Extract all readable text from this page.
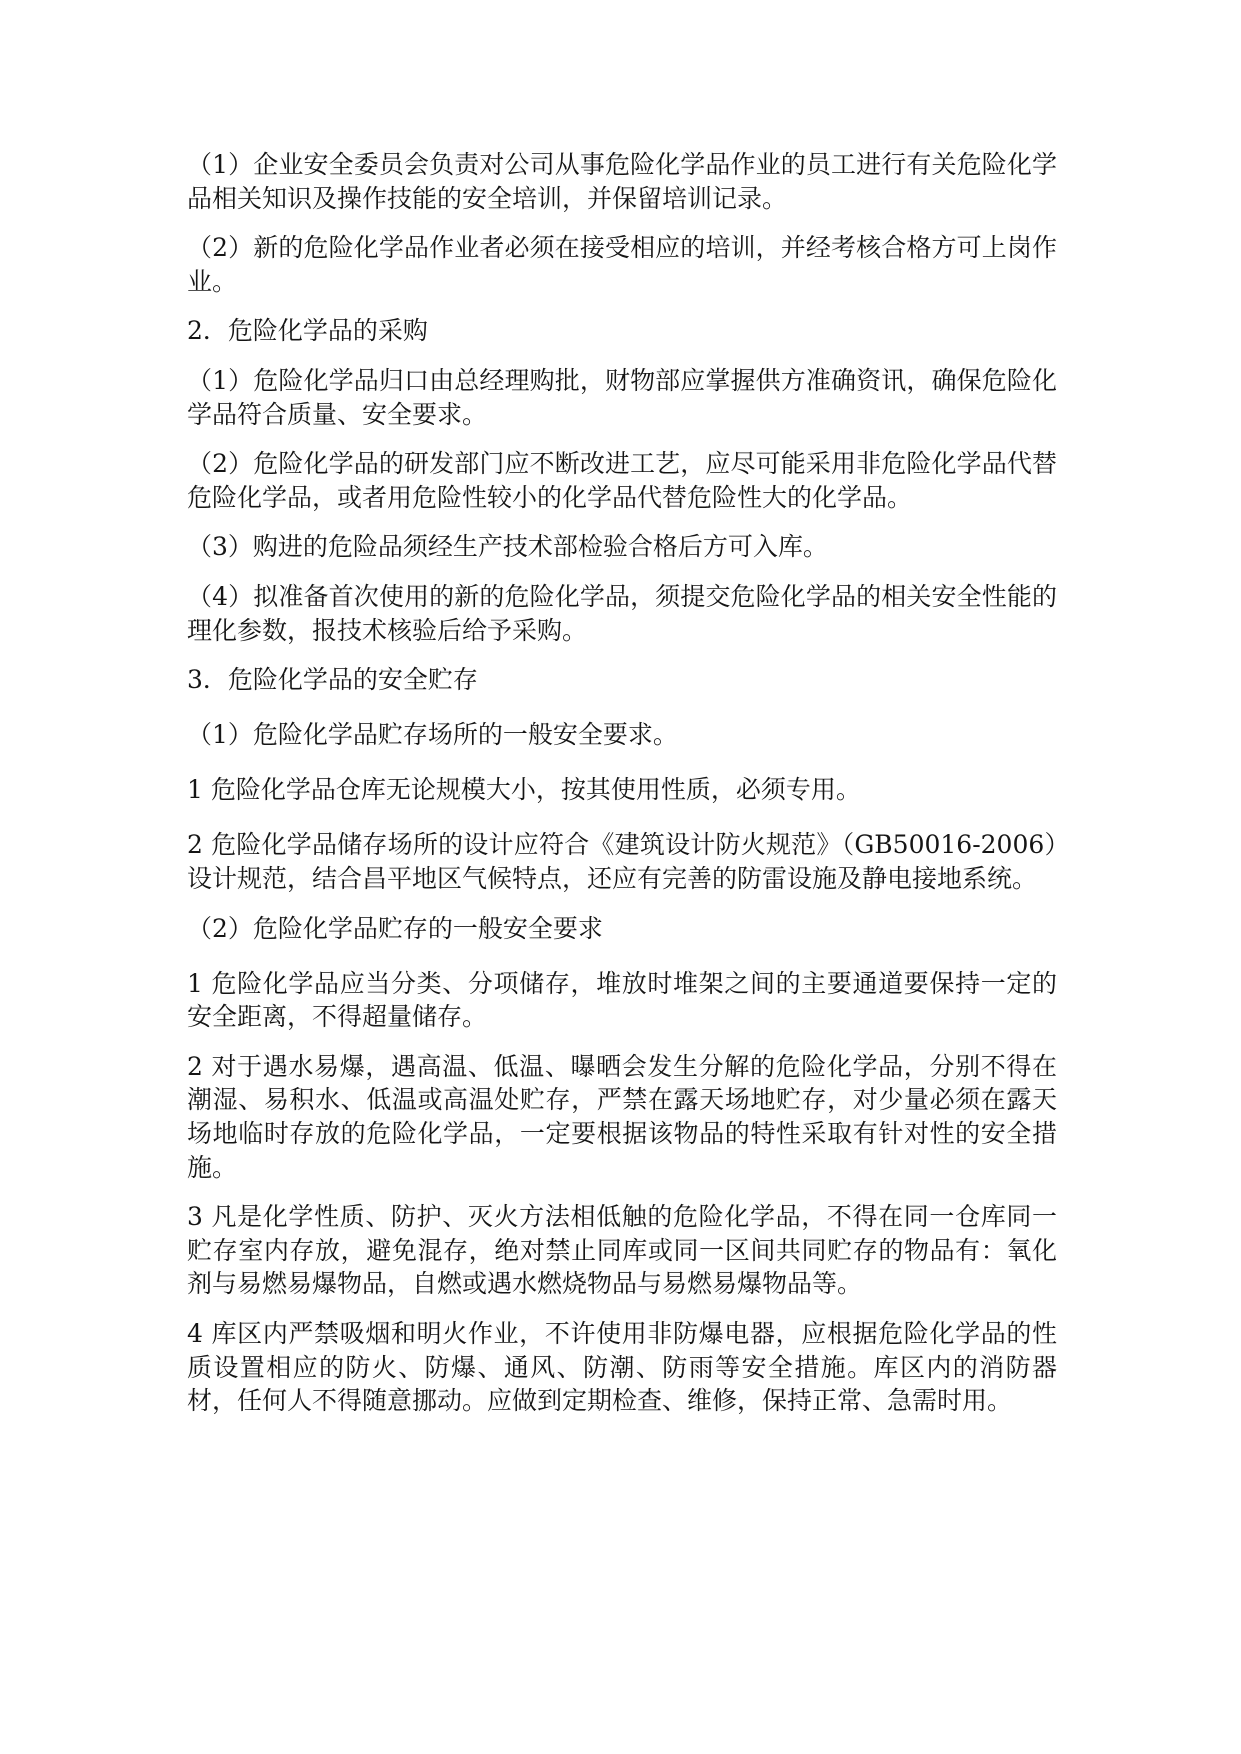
（1）企业安全委员会负责对公司从事危险化学品作业的员工进行有关危险化学品相关知识及操作技能的安全培训，并保留培训记录。

（2）新的危险化学品作业者必须在接受相应的培训，并经考核合格方可上岗作业。

2．危险化学品的采购

（1）危险化学品归口由总经理购批，财物部应掌握供方准确资讯，确保危险化学品符合质量、安全要求。

（2）危险化学品的研发部门应不断改进工艺，应尽可能采用非危险化学品代替危险化学品，或者用危险性较小的化学品代替危险性大的化学品。

（3）购进的危险品须经生产技术部检验合格后方可入库。

（4）拟准备首次使用的新的危险化学品，须提交危险化学品的相关安全性能的理化参数，报技术核验后给予采购。

3．危险化学品的安全贮存

（1）危险化学品贮存场所的一般安全要求。

1 危险化学品仓库无论规模大小，按其使用性质，必须专用。

2 危险化学品储存场所的设计应符合《建筑设计防火规范》（GB50016-2006）设计规范，结合昌平地区气候特点，还应有完善的防雷设施及静电接地系统。

（2）危险化学品贮存的一般安全要求

1 危险化学品应当分类、分项储存，堆放时堆架之间的主要通道要保持一定的安全距离，不得超量储存。

2 对于遇水易爆，遇高温、低温、曝晒会发生分解的危险化学品，分别不得在潮湿、易积水、低温或高温处贮存，严禁在露天场地贮存，对少量必须在露天场地临时存放的危险化学品，一定要根据该物品的特性采取有针对性的安全措施。

3 凡是化学性质、防护、灭火方法相低触的危险化学品，不得在同一仓库同一贮存室内存放，避免混存，绝对禁止同库或同一区间共同贮存的物品有：氧化剂与易燃易爆物品，自燃或遇水燃烧物品与易燃易爆物品等。

4 库区内严禁吸烟和明火作业，不许使用非防爆电器，应根据危险化学品的性质设置相应的防火、防爆、通风、防潮、防雨等安全措施。库区内的消防器材，任何人不得随意挪动。应做到定期检查、维修，保持正常、急需时用。
